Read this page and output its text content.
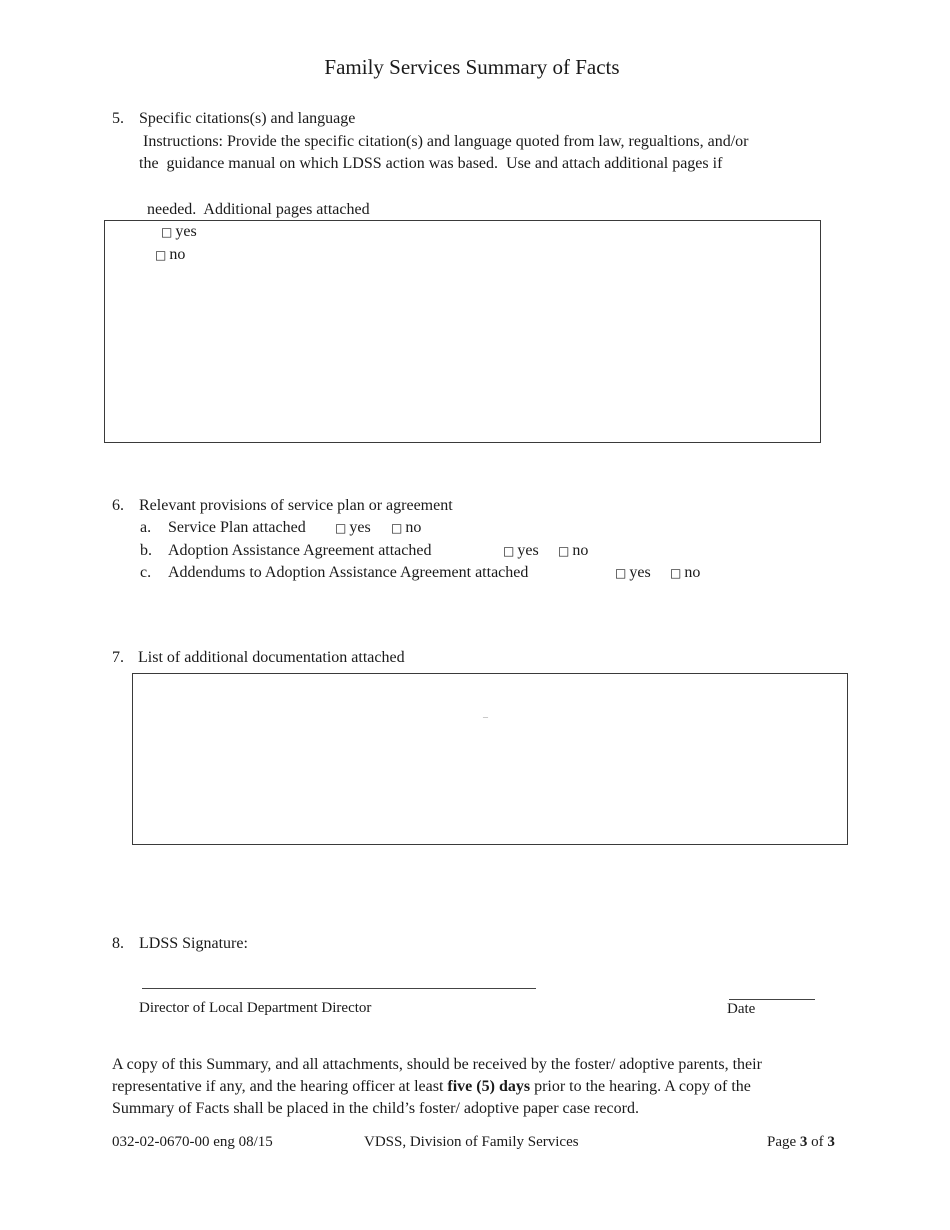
Family Services Summary of Facts
5. Specific citations(s) and language
Instructions: Provide the specific citation(s) and language quoted from law, regualtions, and/or
the  guidance manual on which LDSS action was based.  Use and attach additional pages if

needed.  Additional pages attached
□ yes
□ no

6. Relevant provisions of service plan or agreement
a. Service Plan attached □ yes □ no
b. Adoption Assistance Agreement attached	□ yes □ no
c. Addendums to Adoption Assistance Agreement attached	□ yes □ no
7. List of additional documentation attached
–
8. LDSS Signature:
Director of Local Department Director	Date
A copy of this Summary, and all attachments, should be received by the foster/ adoptive parents, their
representative if any, and the hearing officer at least five (5) days prior to the hearing. A copy of the
Summary of Facts shall be placed in the child’s foster/ adoptive paper case record.
032-02-0670-00 eng 08/15	VDSS, Division of Family Services	Page 3 of 3
